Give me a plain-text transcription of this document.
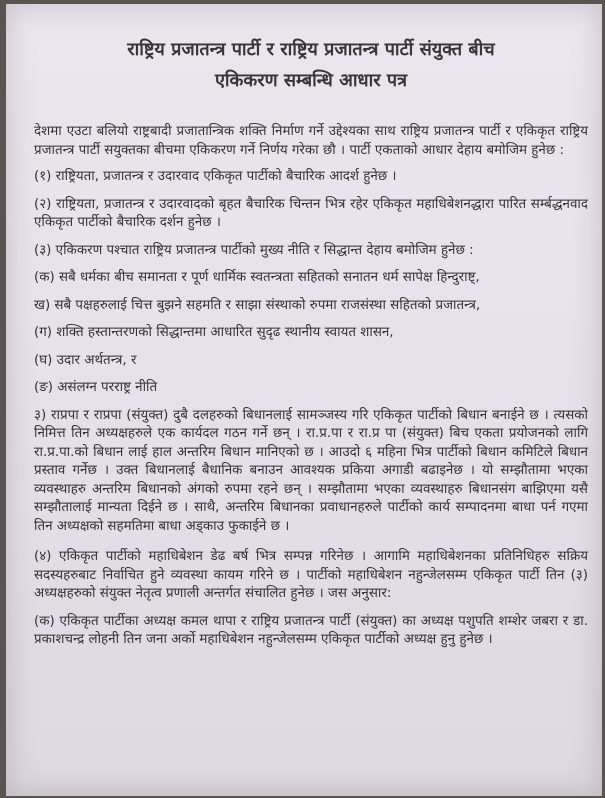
राष्ट्रिय प्रजातन्त्र पार्टी र राष्ट्रिय प्रजातन्त्र पार्टी संयुक्त बीच
एकिकरण सम्बन्धि आधार पत्र

देशमा एउटा बलियो राष्ट्रबादी प्रजातान्त्रिक शक्ति निर्माण गर्ने उद्देश्यका साथ राष्ट्रिय प्रजातन्त्र पार्टी र एकिकृत राष्ट्रिय प्रजातन्त्र पार्टी सयुक्तका बीचमा एकिकरण गर्ने निर्णय गरेका छौ । पार्टी एकताको आधार देहाय बमोजिम हुनेछ :

(१) राष्ट्रियता, प्रजातन्त्र र उदारवाद एकिकृत पार्टीको बैचारिक आदर्श हुनेछ ।

(२) राष्ट्रियता, प्रजातन्त्र र उदारवादको बृहत बैचारिक चिन्तन भित्र रहेर एकिकृत महाधिबेशनद्धारा पारित सर्म्बद्धनवाद एकिकृत पार्टीको बैचारिक दर्शन हुनेछ ।

(३) एकिकरण पश्चात राष्ट्रिय प्रजातन्त्र पार्टीको मुख्य नीति र सिद्धान्त देहाय बमोजिम हुनेछ :

(क) सबै धर्मका बीच समानता र पूर्ण धार्मिक स्वतन्त्रता सहितको सनातन धर्म सापेक्ष हिन्दुराष्ट्,

ख) सबै पक्षहरुलाई चित्त बुझने सहमति र साझा संस्थाको रुपमा राजसंस्था सहितको प्रजातन्त्र,

(ग) शक्ति हस्तान्तरणको सिद्धान्तमा आधारित सुदृढ स्थानीय स्वायत शासन,

(घ) उदार अर्थतन्त्र, र

(ङ) असंलग्न परराष्ट्र नीति

३) राप्रपा र राप्रपा (संयुक्त) दुबै दलहरुको बिधानलाई सामञ्जस्य गरि एकिकृत पार्टीको बिधान बनाईने छ । त्यसको निमित्त तिन अध्यक्षहरुले एक कार्यदल गठन गर्ने छन् । रा.प्र.पा र रा.प्र पा (संयुक्त) बिच एकता प्रयोजनको लागि रा.प्र.पा.को बिधान लाई हाल अन्तरिम बिधान मानिएको छ । आउदो ६ महिना भित्र पार्टीको बिधान कमिटिले बिधान प्रस्ताव गर्नेछ । उक्त बिधानलाई बैधानिक बनाउन आवश्यक प्रकिया अगाडी बढाइनेछ । यो सम्झौतामा भएका व्यवस्थाहरु अन्तरिम बिधानको अंगको रुपमा रहने छन् । सम्झौतामा भएका व्यवस्थाहरु बिधानसंग बाझिएमा यसै सम्झौतालाई मान्यता दिईने छ । साथै, अन्तरिम बिधानका प्रवाधानहरुले पार्टीको कार्य सम्पादनमा बाधा पर्न गएमा तिन अध्यक्षको सहमतिमा बाधा अड्काउ फुकाईने छ ।

(४) एकिकृत पार्टीको महाधिबेशन डेढ बर्ष भित्र सम्पन्न गरिनेछ । आगामि महाधिबेशनका प्रतिनिधिहरु सक्रिय सदस्यहरुबाट निर्वाचित हुने व्यवस्था कायम गरिने छ । पार्टीको महाधिबेशन नहुन्जेलसम्म एकिकृत पार्टी तिन (३) अध्यक्षहरुको संयुक्त नेतृत्व प्रणाली अन्तर्गत संचालित हुनेछ । जस अनुसार:

(क) एकिकृत पार्टीका अध्यक्ष कमल थापा र राष्ट्रिय प्रजातन्त्र पार्टी (संयुक्त) का अध्यक्ष पशुपति शम्शेर जबरा र डा. प्रकाशचन्द्र लोहनी तिन जना अर्को महाधिबेशन नहुन्जेलसम्म एकिकृत पार्टीको अध्यक्ष हुनु हुनेछ ।
